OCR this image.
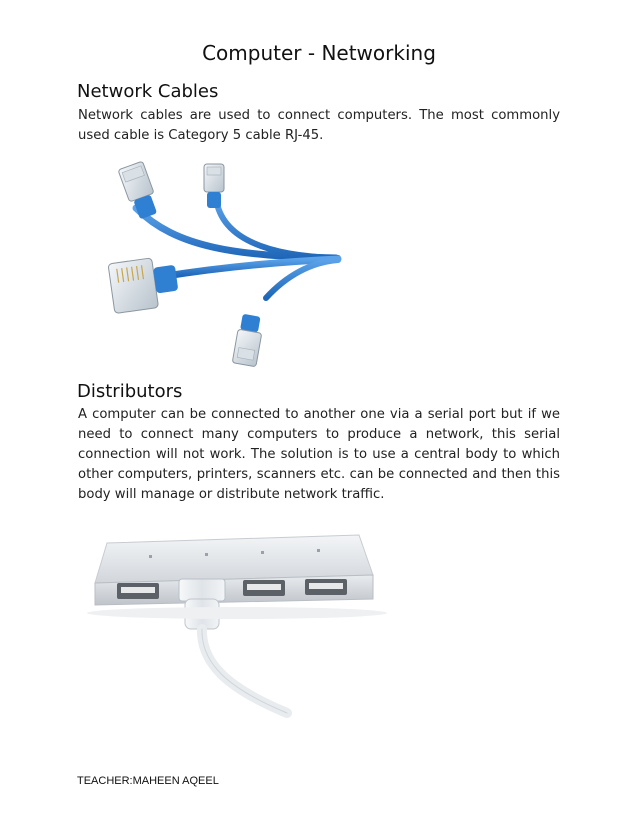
Computer - Networking
Network Cables

Network cables are used to connect computers. The most commonly used cable is Category 5 cable RJ-45.

Distributors

A computer can be connected to another one via a serial port but if we need to connect many computers to produce a network, this serial connection will not work. The solution is to use a central body to which other computers, printers, scanners etc. can be connected and then this body will manage or distribute network traffic.

TEACHER:MAHEEN AQEEL
